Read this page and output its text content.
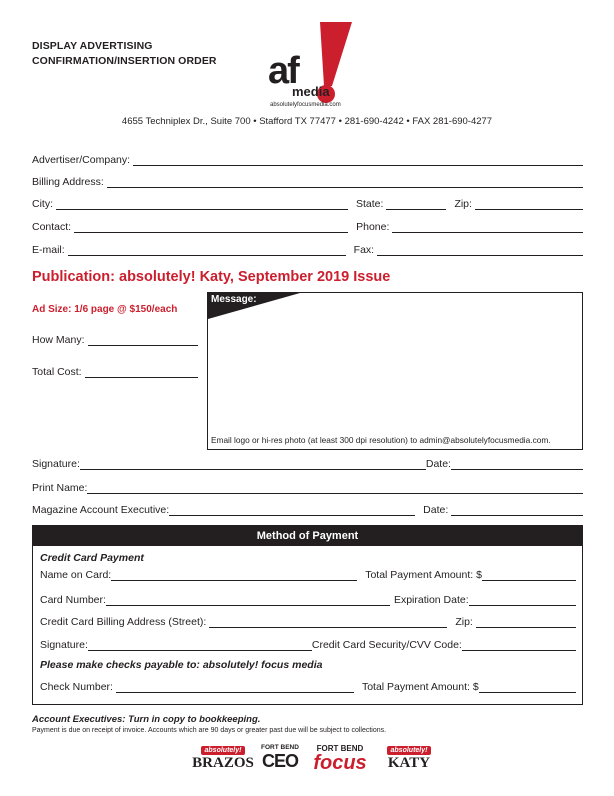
DISPLAY ADVERTISING
CONFIRMATION/INSERTION ORDER af
media
absolutelyfocusmedia.com
4655 Techniplex Dr., Suite 700 • Stafford TX 77477 • 281-690-4242 • FAX 281-690-4277
Advertiser/Company:
Billing Address:
City:	State:	Zip:
Contact:	Phone:
E-mail:	Fax:
Publication: absolutely! Katy, September 2019 Issue
Ad Size: 1/6 page @ $150/each
How Many:
Total Cost:
Message:
Email logo or hi-res photo (at least 300 dpi resolution) to admin@absolutelyfocusmedia.com.
Signature:	Date:
Print Name:
Magazine Account Executive:	Date:
Method of Payment
Credit Card Payment
Name on Card:	Total Payment Amount: $
Card Number:	Expiration Date:
Credit Card Billing Address (Street):	Zip:
Signature:	Credit Card Security/CVV Code:
Please make checks payable to: absolutely! focus media
Check Number:	Total Payment Amount: $
Account Executives: Turn in copy to bookkeeping.
Payment is due on receipt of invoice. Accounts which are 90 days or greater past due will be subject to collections.
absolutely!
BRAZOS
FORT BEND
CEO
FORT BEND
focus
absolutely!
KATY
